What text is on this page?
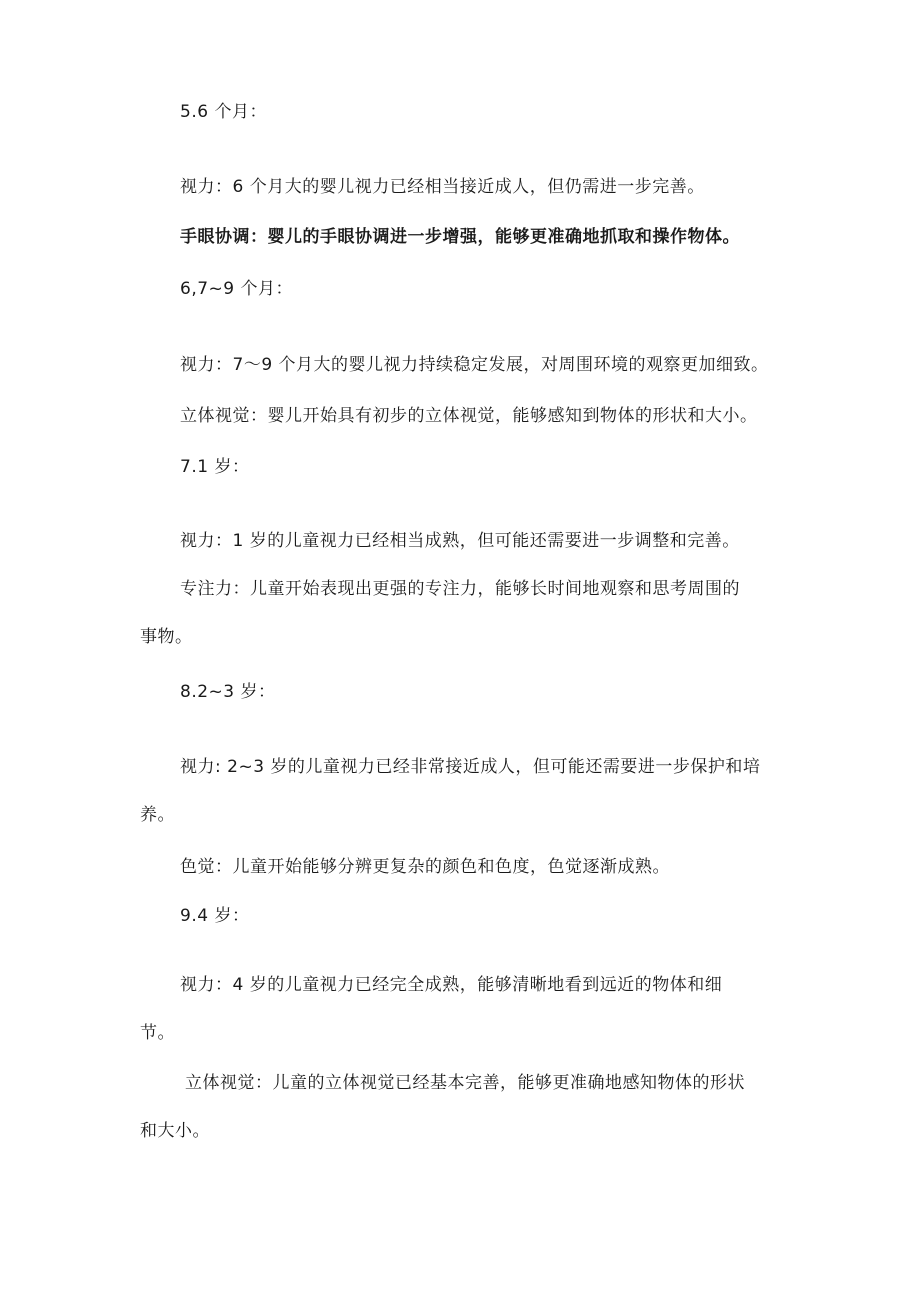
5.6 个月：
视力：6 个月大的婴儿视力已经相当接近成人，但仍需进一步完善。
手眼协调：婴儿的手眼协调进一步增强，能够更准确地抓取和操作物体。
6,7~9 个月：
视力：7～9 个月大的婴儿视力持续稳定发展，对周围环境的观察更加细致。
立体视觉：婴儿开始具有初步的立体视觉，能够感知到物体的形状和大小。
7.1 岁：
视力：1 岁的儿童视力已经相当成熟，但可能还需要进一步调整和完善。
专注力：儿童开始表现出更强的专注力，能够长时间地观察和思考周围的
事物。
8.2~3 岁：
视力: 2~3 岁的儿童视力已经非常接近成人，但可能还需要进一步保护和培
养。
色觉：儿童开始能够分辨更复杂的颜色和色度，色觉逐渐成熟。
9.4 岁：
视力：4 岁的儿童视力已经完全成熟，能够清晰地看到远近的物体和细
节。
立体视觉：儿童的立体视觉已经基本完善，能够更准确地感知物体的形状
和大小。
